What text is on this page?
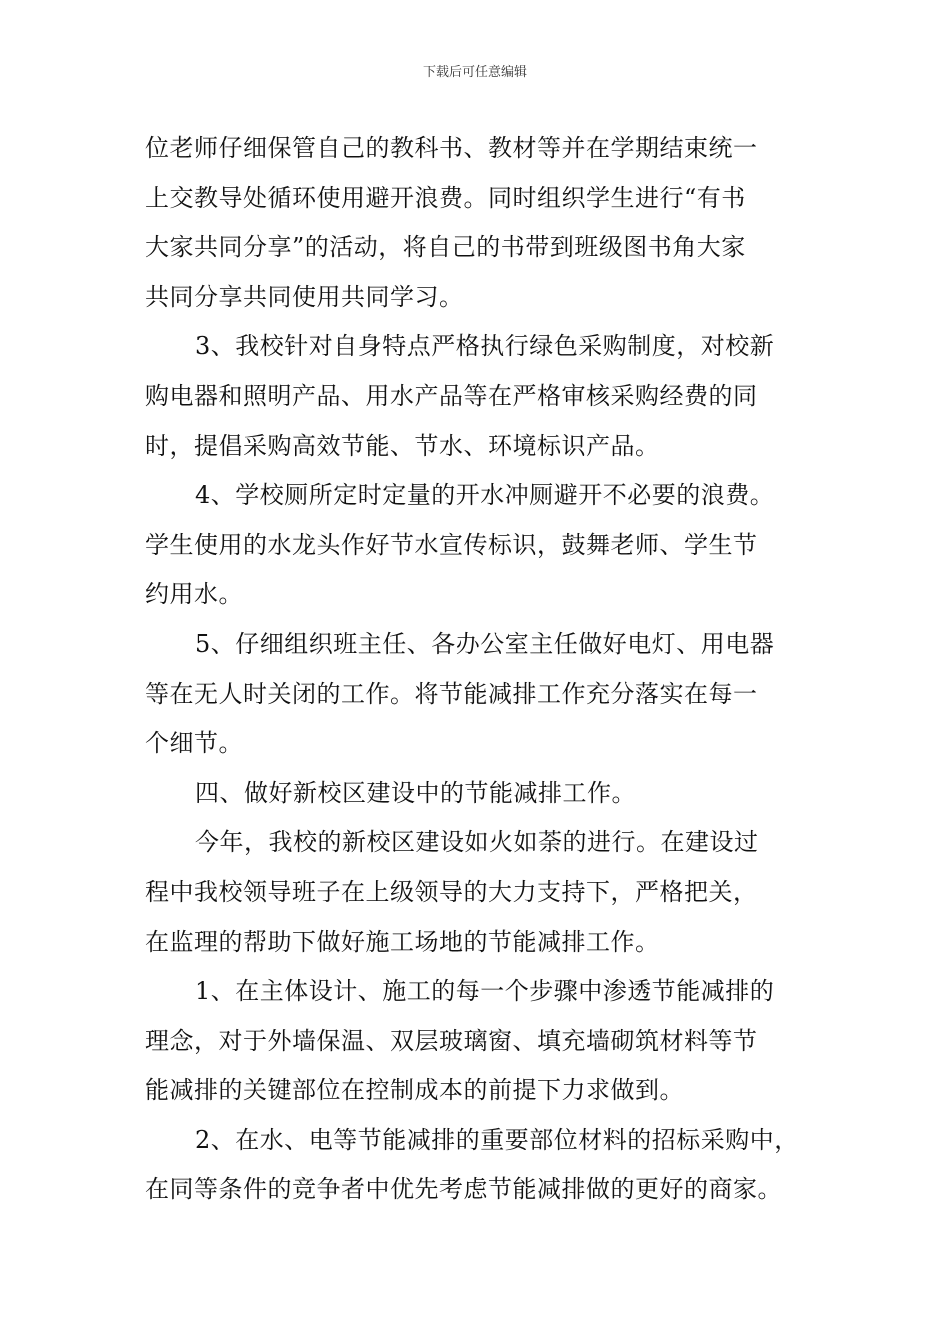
下载后可任意编辑
位老师仔细保管自己的教科书、教材等并在学期结束统一
上交教导处循环使用避开浪费。同时组织学生进行“有书
大家共同分享”的活动，将自己的书带到班级图书角大家
共同分享共同使用共同学习。
3、我校针对自身特点严格执行绿色采购制度，对校新
购电器和照明产品、用水产品等在严格审核采购经费的同
时，提倡采购高效节能、节水、环境标识产品。
4、学校厕所定时定量的开水冲厕避开不必要的浪费。
学生使用的水龙头作好节水宣传标识，鼓舞老师、学生节
约用水。
5、仔细组织班主任、各办公室主任做好电灯、用电器
等在无人时关闭的工作。将节能减排工作充分落实在每一
个细节。
四、做好新校区建设中的节能减排工作。
今年，我校的新校区建设如火如荼的进行。在建设过
程中我校领导班子在上级领导的大力支持下，严格把关，
在监理的帮助下做好施工场地的节能减排工作。
1、在主体设计、施工的每一个步骤中渗透节能减排的
理念，对于外墙保温、双层玻璃窗、填充墙砌筑材料等节
能减排的关键部位在控制成本的前提下力求做到。
2、在水、电等节能减排的重要部位材料的招标采购中，
在同等条件的竞争者中优先考虑节能减排做的更好的商家。
